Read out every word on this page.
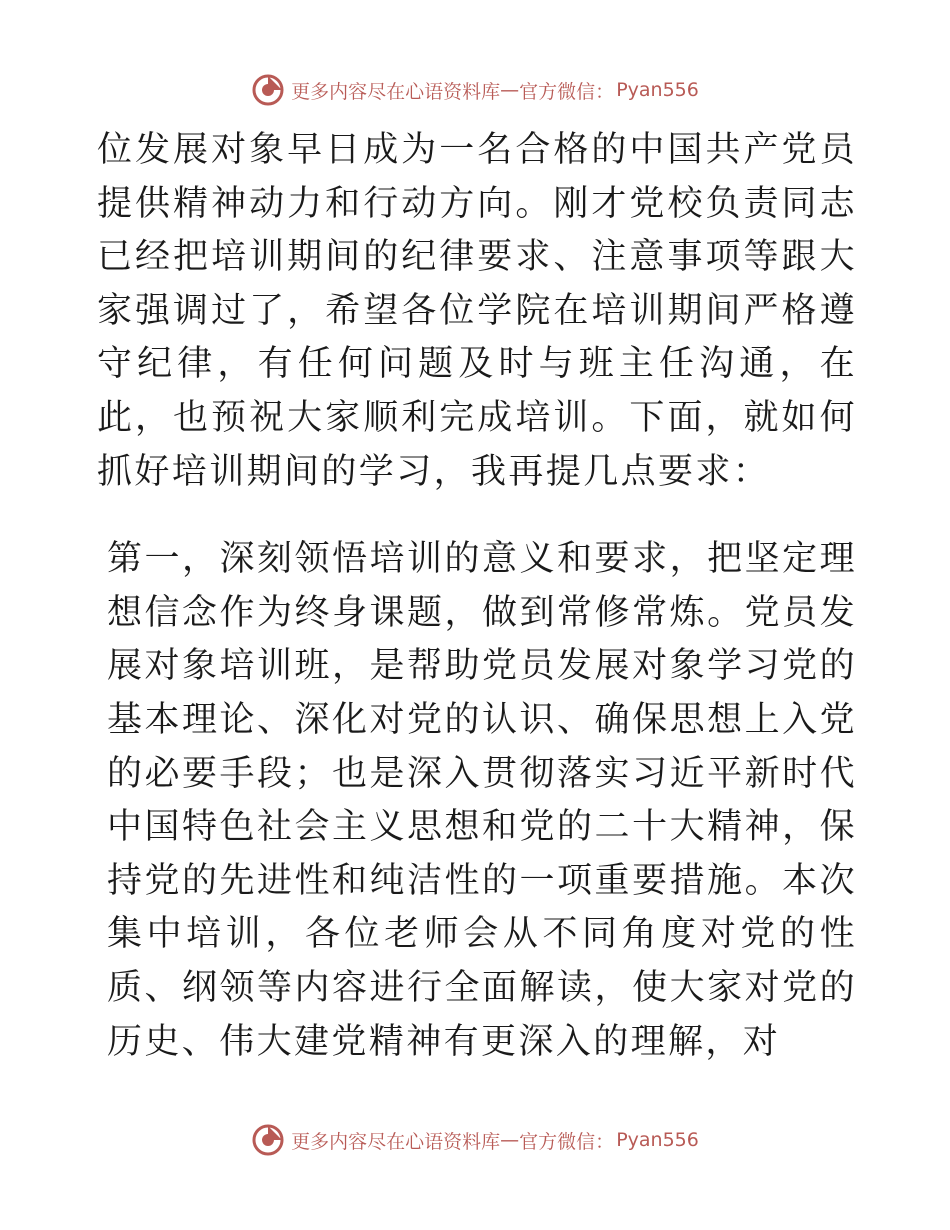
更多内容尽在心语资料库 — 官方微信： Pyan556

位发展对象早日成为一名合格的中国共产党员提供精神动力和行动方向。刚才党校负责同志已经把培训期间的纪律要求、注意事项等跟大家强调过了，希望各位学院在培训期间严格遵守纪律，有任何问题及时与班主任沟通，在此，也预祝大家顺利完成培训。下面，就如何抓好培训期间的学习，我再提几点要求：

第一，深刻领悟培训的意义和要求，把坚定理想信念作为终身课题，做到常修常炼。党员发展对象培训班，是帮助党员发展对象学习党的基本理论、深化对党的认识、确保思想上入党的必要手段；也是深入贯彻落实习近平新时代中国特色社会主义思想和党的二十大精神，保持党的先进性和纯洁性的一项重要措施。本次集中培训，各位老师会从不同角度对党的性质、纲领等内容进行全面解读，使大家对党的历史、伟大建党精神有更深入的理解，对

更多内容尽在心语资料库 — 官方微信： Pyan556
